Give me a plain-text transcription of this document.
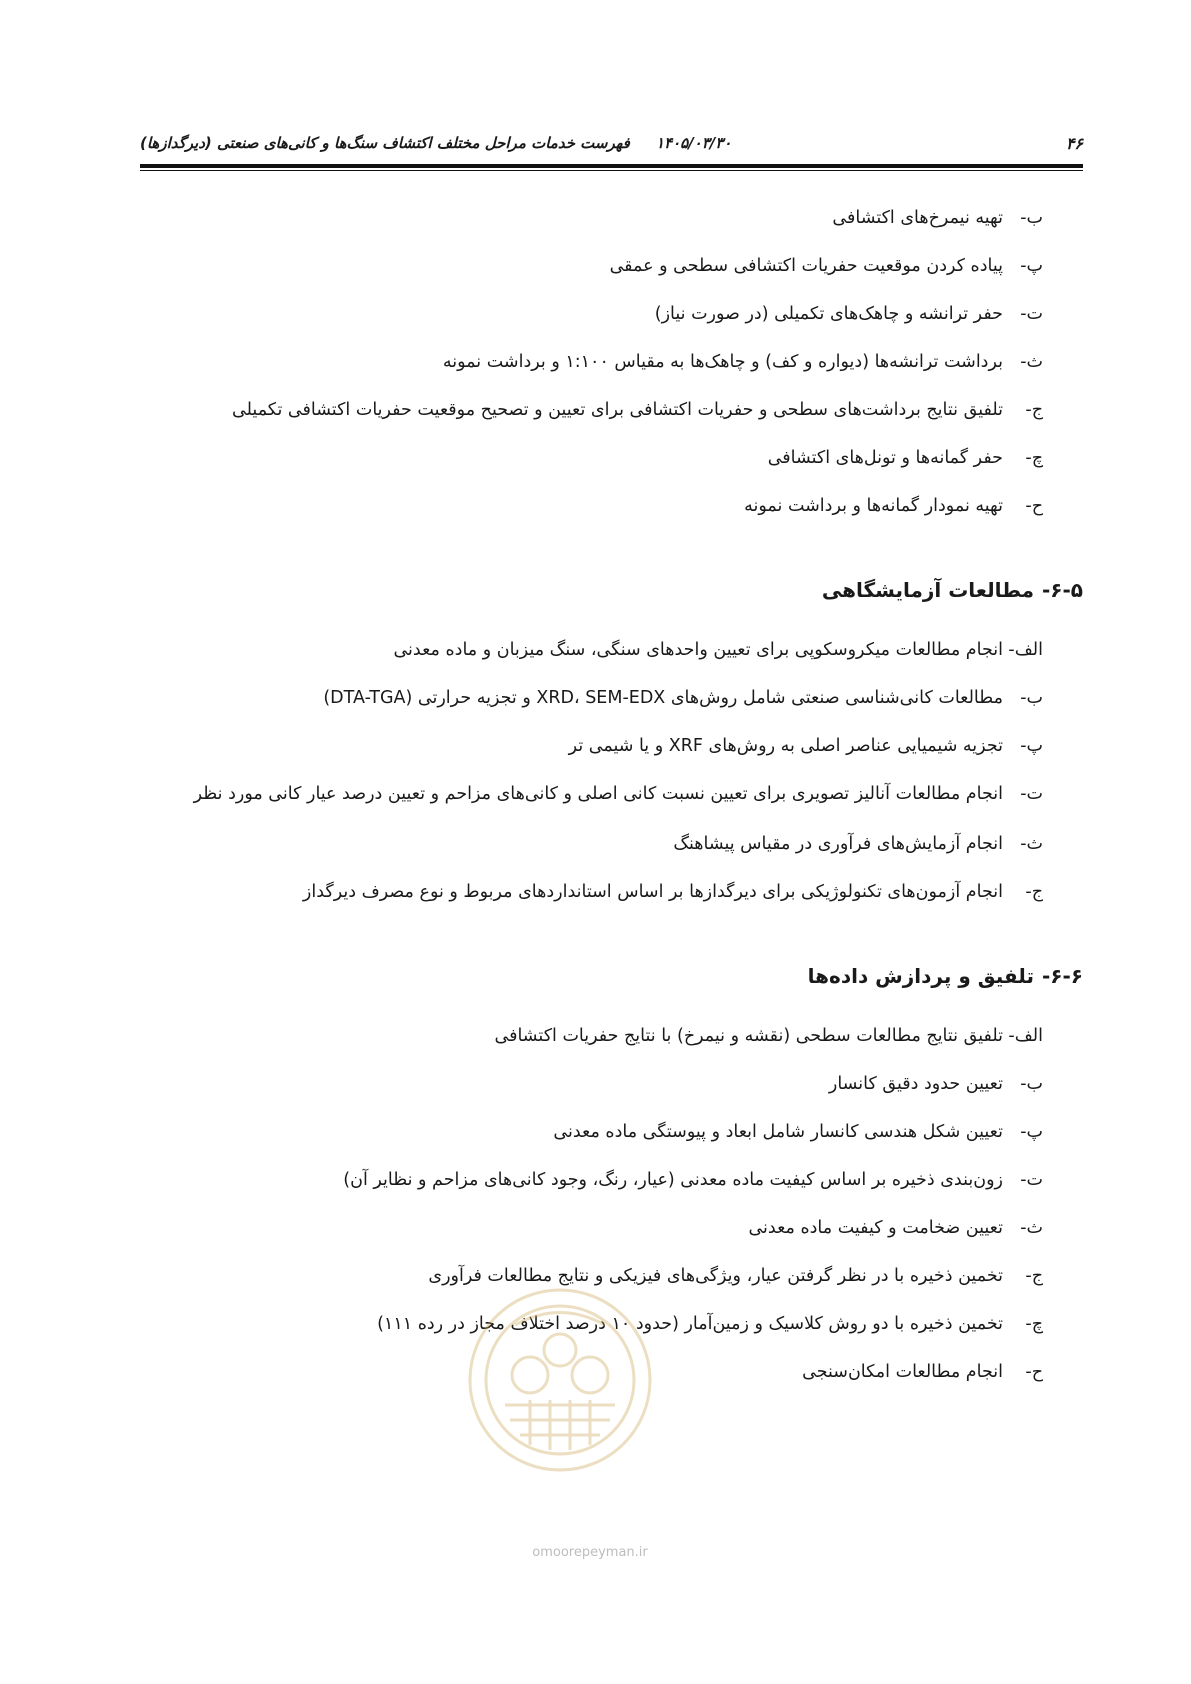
۴۶
۱۴۰۵/۰۳/۳۰     فهرست خدمات مراحل مختلف اکتشاف سنگ‌ها و کانی‌های صنعتی (دیرگدازها)
ب-
تهیه نیمرخ‌های اکتشافی
پ-
پیاده کردن موقعیت حفریات اکتشافی سطحی و عمقی
ت-
حفر ترانشه و چاهک‌های تکمیلی (در صورت نیاز)
ث-
برداشت ترانشه‌ها (دیواره و کف) و چاهک‌ها به مقیاس ۱:۱۰۰ و برداشت نمونه
ج-
تلفیق نتایج برداشت‌های سطحی و حفریات اکتشافی برای تعیین و تصحیح موقعیت حفریات اکتشافی تکمیلی
چ-
حفر گمانه‌ها و تونل‌های اکتشافی
ح-
تهیه نمودار گمانه‌ها و برداشت نمونه
۶-۵-
مطالعات آزمایشگاهی
الف-
انجام مطالعات میکروسکوپی برای تعیین واحدهای سنگی، سنگ میزبان و ماده معدنی
ب-
مطالعات کانی‌شناسی صنعتی شامل روش‌های XRD، SEM-EDX و تجزیه حرارتی (DTA-TGA)
پ-
تجزیه شیمیایی عناصر اصلی به روش‌های XRF و یا شیمی تر
ت-
انجام مطالعات آنالیز تصویری برای تعیین نسبت کانی اصلی و کانی‌های مزاحم و تعیین درصد عیار کانی مورد نظر
ث-
انجام آزمایش‌های فرآوری در مقیاس پیشاهنگ
ج-
انجام آزمون‌های تکنولوژیکی برای دیرگدازها بر اساس استانداردهای مربوط و نوع مصرف دیرگداز
۶-۶-
تلفیق و پردازش داده‌ها
الف-
تلفیق نتایج مطالعات سطحی (نقشه و نیمرخ) با نتایج حفریات اکتشافی
ب-
تعیین حدود دقیق کانسار
پ-
تعیین شکل هندسی کانسار شامل ابعاد و پیوستگی ماده معدنی
ت-
زون‌بندی ذخیره بر اساس کیفیت ماده معدنی (عیار، رنگ، وجود کانی‌های مزاحم و نظایر آن)
ث-
تعیین ضخامت و کیفیت ماده معدنی
ج-
تخمین ذخیره با در نظر گرفتن عیار، ویژگی‌های فیزیکی و نتایج مطالعات فرآوری
چ-
تخمین ذخیره با دو روش کلاسیک و زمین‌آمار (حدود ۱۰ درصد اختلاف مجاز در رده ۱۱۱)
ح-
انجام مطالعات امکان‌سنجی
omoorepeyman.ir
